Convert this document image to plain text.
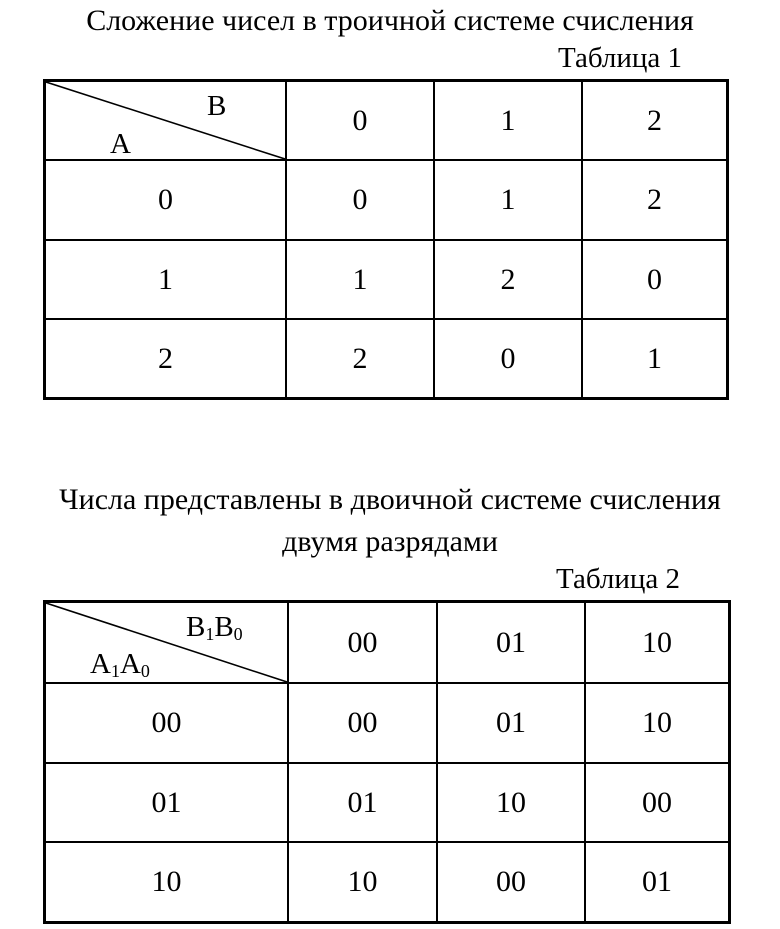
Сложение чисел в троичной системе счисления
Таблица 1
B
A	0	1	2
0	0	1	2
1	1	2	0
2	2	0	1
Числа представлены в двоичной системе счисления
двумя разрядами
Таблица 2
$B_1B_0$
$A_1A_0$	00	01	10
00	00	01	10
01	01	10	00
10	10	00	01
